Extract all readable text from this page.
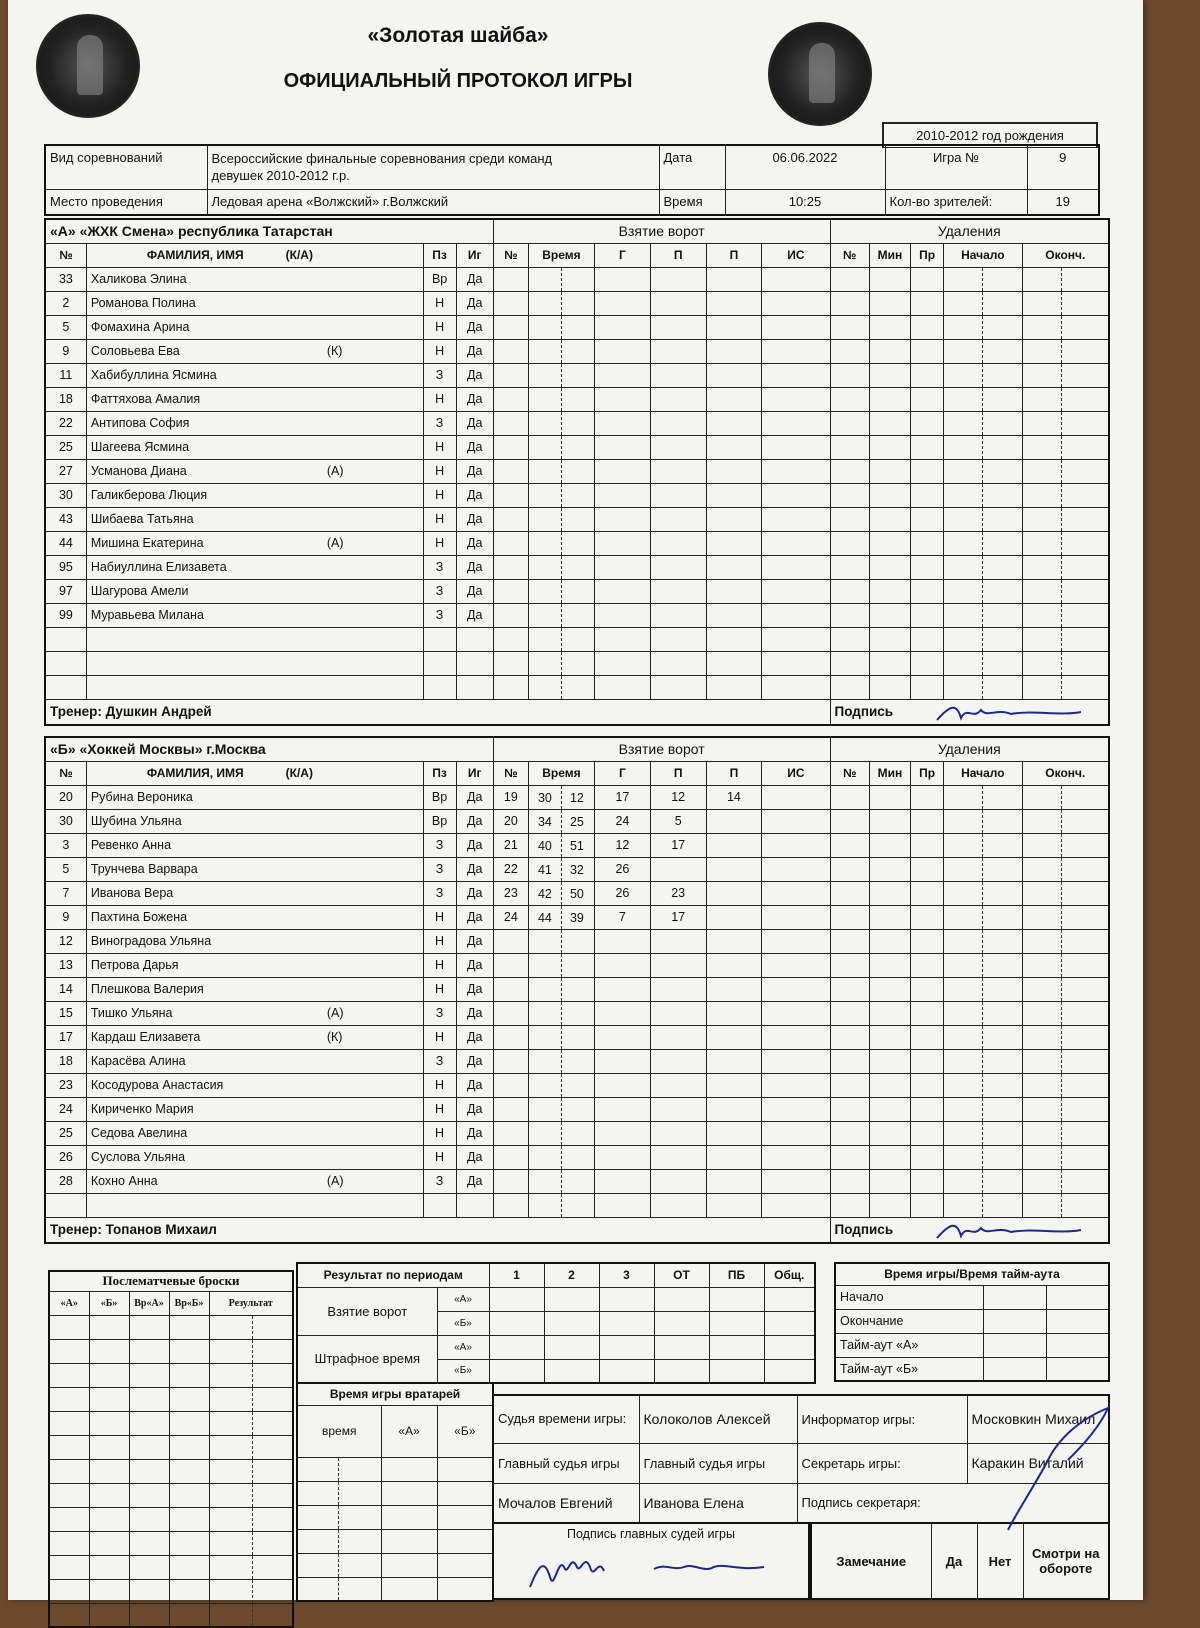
«Золотая шайба»
ОФИЦИАЛЬНЫЙ ПРОТОКОЛ ИГРЫ
2010-2012 год рождения
Вид соревнований	Всероссийские финальные соревнования среди команд
девушек 2010-2012 г.р.	Дата	06.06.2022	Игра №	9
Место проведения	Ледовая арена «Волжский» г.Волжский	Время	10:25	Кол-во зрителей:	19
«А» «ЖХК Смена» республика Татарстан				Взятие ворот						Удаления				
№	ФАМИЛИЯ, ИМЯ (К/А)	Пз	Иг	№	Время	Г	П	П	ИС	№	Мин	Пр	Начало	Оконч.
33	Халикова Элина	Вр	Да		

2	Романова Полина	Н	Да		

5	Фомахина Арина	Н	Да		

9	Соловьева Ева (К)	Н	Да		

11	Хабибуллина Ясмина	З	Да		

18	Фаттяхова Амалия	Н	Да		

22	Антипова София	З	Да		

25	Шагеева Ясмина	Н	Да		

27	Усманова Диана (А)	Н	Да		

30	Галикберова Люция	Н	Да		

43	Шибаева Татьяна	Н	Да		

44	Мишина Екатерина (А)	Н	Да		

95	Набиуллина Елизавета	З	Да		

97	Шагурова Амели	З	Да		

99	Муравьева Милана	З	Да		

Тренер: Душкин Андрей										Подпись				
«Б» «Хоккей Москвы» г.Москва				Взятие ворот						Удаления				
№	ФАМИЛИЯ, ИМЯ (К/А)	Пз	Иг	№	Время	Г	П	П	ИС	№	Мин	Пр	Начало	Оконч.
20	Рубина Вероника	Вр	Да	19	30 12	17	12	14					

30	Шубина Ульяна	Вр	Да	20	34 25	24	5						

3	Ревенко Анна	З	Да	21	40 51	12	17						

5	Трунчева Варвара	З	Да	22	41 32	26							

7	Иванова Вера	З	Да	23	42 50	26	23						

9	Пахтина Божена	Н	Да	24	44 39	7	17						

12	Виноградова Ульяна	Н	Да		

13	Петрова Дарья	Н	Да		

14	Плешкова Валерия	Н	Да		

15	Тишко Ульяна (А)	З	Да		

17	Кардаш Елизавета (К)	Н	Да		

18	Карасёва Алина	З	Да		

23	Косодурова Анастасия	Н	Да		

24	Кириченко Мария	Н	Да		

25	Седова Авелина	Н	Да		

26	Суслова Ульяна	Н	Да		

28	Кохно Анна (А)	З	Да		

Тренер: Топанов Михаил										Подпись				
Послематчевые броски				
«А»	«Б»	Вр«А»	Вр«Б»	Результат

Результат по периодам		1	2	3	ОТ	ПБ	Общ.
Взятие ворот	«А»						
	«Б»						
Штрафное время	«А»						
	«Б»						
Время игры/Время тайм-аута		
Начало		
Окончание		
Тайм-аут «А»		
Тайм-аут «Б»		
Время игры вратарей		
время	«А»	«Б»

Судья времени игры:	Колоколов Алексей	Информатор игры:	Московкин Михаил
Главный судья игры	Главный судья игры	Секретарь игры:	Каракин Виталий
Мочалов Евгений	Иванова Елена	Подпись секретаря:	
Подпись главных судей игры
Замечание	Да	Нет	Смотри на обороте
